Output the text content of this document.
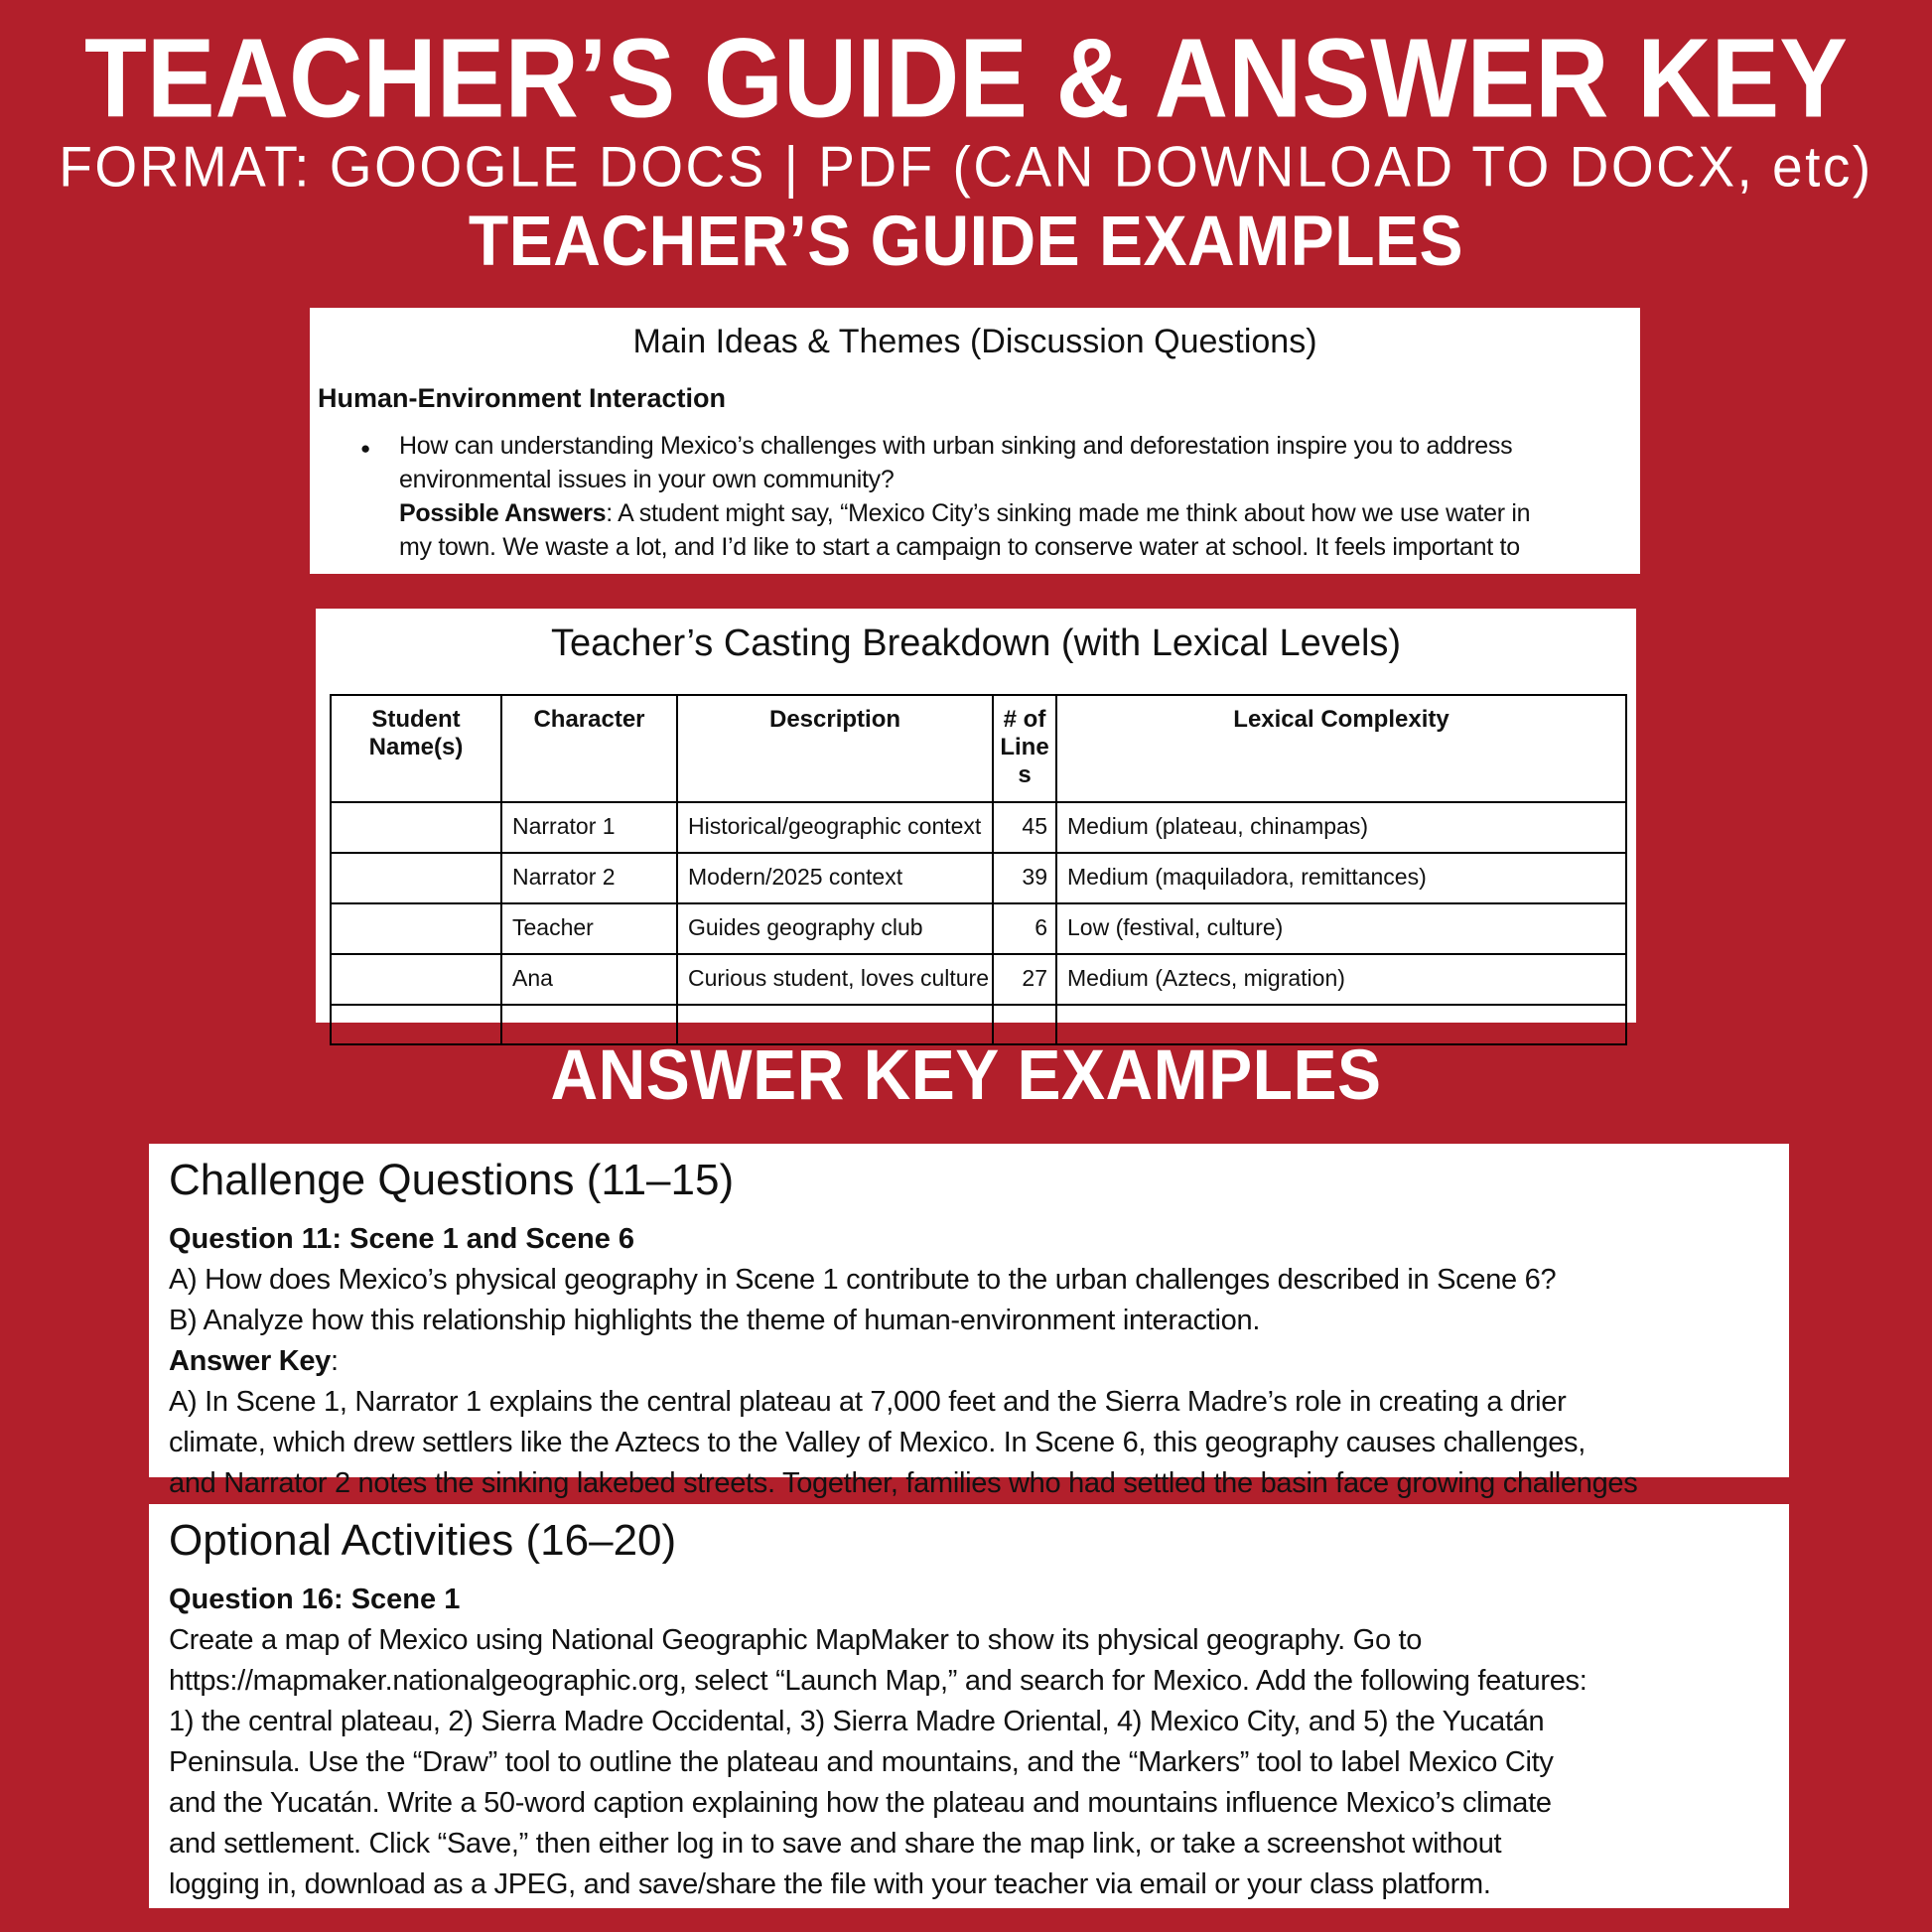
TEACHER’S GUIDE & ANSWER KEY
FORMAT: GOOGLE DOCS | PDF (CAN DOWNLOAD TO DOCX, etc)
TEACHER’S GUIDE EXAMPLES
Main Ideas & Themes (Discussion Questions)
Human-Environment Interaction
● How can understanding Mexico’s challenges with urban sinking and deforestation inspire you to address
environmental issues in your own community?
Possible Answers: A student might say, “Mexico City’s sinking made me think about how we use water in
my town. We waste a lot, and I’d like to start a campaign to conserve water at school. It feels important to
Teacher’s Casting Breakdown (with Lexical Levels)
Student Name(s)	Character	Description	# of Lines	Lexical Complexity
	Narrator 1	Historical/geographic context	45	Medium (plateau, chinampas)
	Narrator 2	Modern/2025 context	39	Medium (maquiladora, remittances)
	Teacher	Guides geography club	6	Low (festival, culture)
	Ana	Curious student, loves culture	27	Medium (Aztecs, migration)

ANSWER KEY EXAMPLES
Challenge Questions (11–15)
Question 11: Scene 1 and Scene 6
A) How does Mexico’s physical geography in Scene 1 contribute to the urban challenges described in Scene 6?
B) Analyze how this relationship highlights the theme of human-environment interaction.
Answer Key:
A) In Scene 1, Narrator 1 explains the central plateau at 7,000 feet and the Sierra Madre’s role in creating a drier
climate, which drew settlers like the Aztecs to the Valley of Mexico. In Scene 6, this geography causes challenges,
and Narrator 2 notes the sinking lakebed streets. Together, families who had settled the basin face growing challenges
Optional Activities (16–20)
Question 16: Scene 1
Create a map of Mexico using National Geographic MapMaker to show its physical geography. Go to
https://mapmaker.nationalgeographic.org, select “Launch Map,” and search for Mexico. Add the following features:
1) the central plateau, 2) Sierra Madre Occidental, 3) Sierra Madre Oriental, 4) Mexico City, and 5) the Yucatán
Peninsula. Use the “Draw” tool to outline the plateau and mountains, and the “Markers” tool to label Mexico City
and the Yucatán. Write a 50-word caption explaining how the plateau and mountains influence Mexico’s climate
and settlement. Click “Save,” then either log in to save and share the map link, or take a screenshot without
logging in, download as a JPEG, and save/share the file with your teacher via email or your class platform.
